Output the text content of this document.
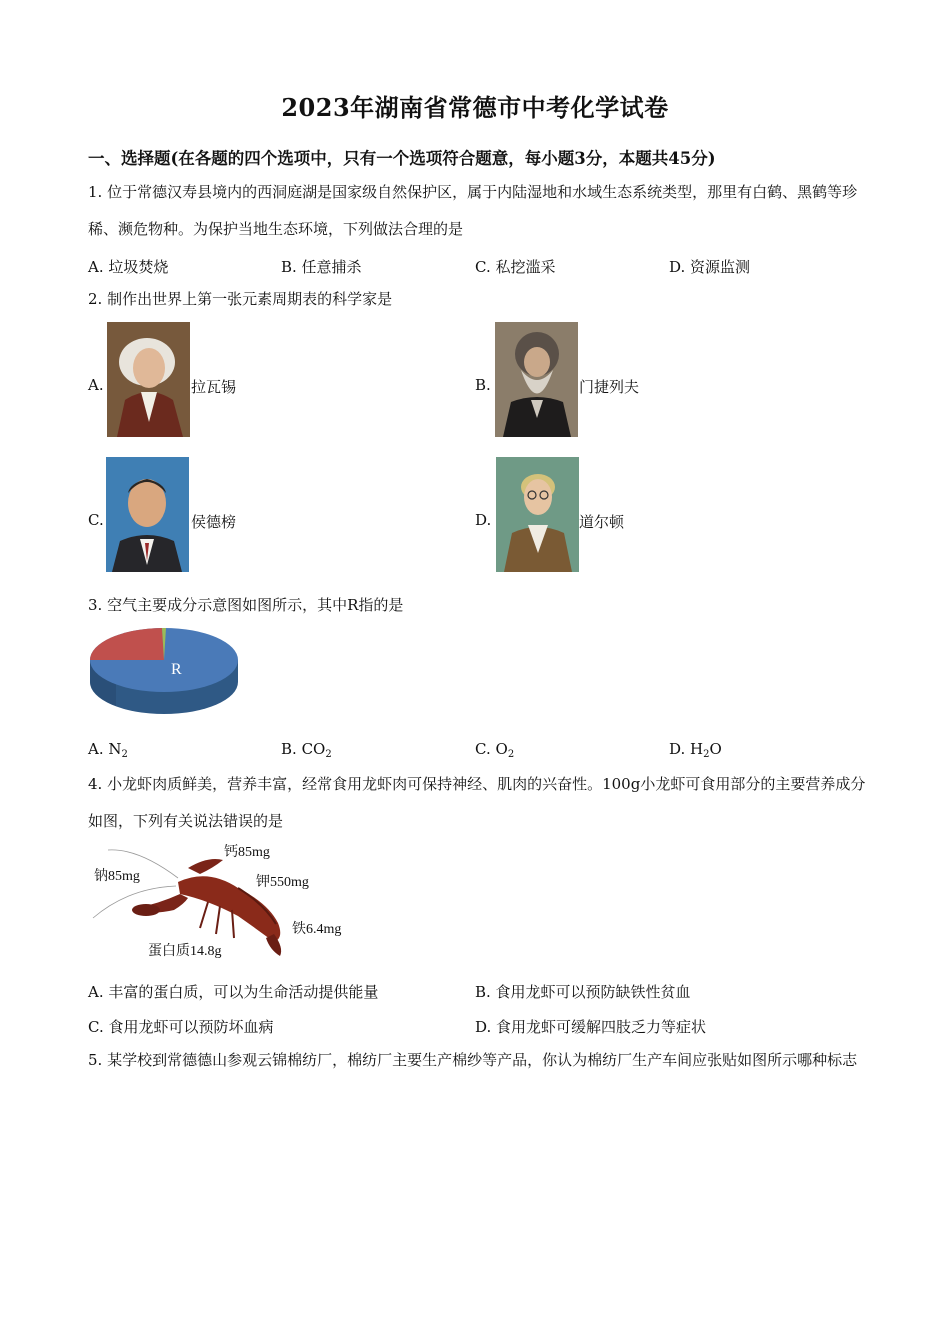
2023年湖南省常德市中考化学试卷
一、选择题(在各题的四个选项中，只有一个选项符合题意，每小题3分，本题共45分)
1. 位于常德汉寿县境内的西洞庭湖是国家级自然保护区，属于内陆湿地和水域生态系统类型，那里有白鹤、黑鹤等珍稀、濒危物种。为保护当地生态环境，下列做法合理的是
A. 垃圾焚烧	B. 任意捕杀	C. 私挖滥采	D. 资源监测
2. 制作出世界上第一张元素周期表的科学家是
A.	拉瓦锡	B.	门捷列夫
C.	侯德榜	D.	道尔顿
3. 空气主要成分示意图如图所示，其中R指的是
R
A. $N_2$	B. $CO_2$	C. $O_2$	D. $H_2O$
4. 小龙虾肉质鲜美，营养丰富，经常食用龙虾肉可保持神经、肌肉的兴奋性。100g小龙虾可食用部分的主要营养成分如图，下列有关说法错误的是
钙85mg
钠85mg	钾550mg
铁6.4mg
蛋白质14.8g
A. 丰富的蛋白质，可以为生命活动提供能量	B. 食用龙虾可以预防缺铁性贫血
C. 食用龙虾可以预防坏血病	D. 食用龙虾可缓解四肢乏力等症状
5. 某学校到常德德山参观云锦棉纺厂，棉纺厂主要生产棉纱等产品，你认为棉纺厂生产车间应张贴如图所示哪种标志
